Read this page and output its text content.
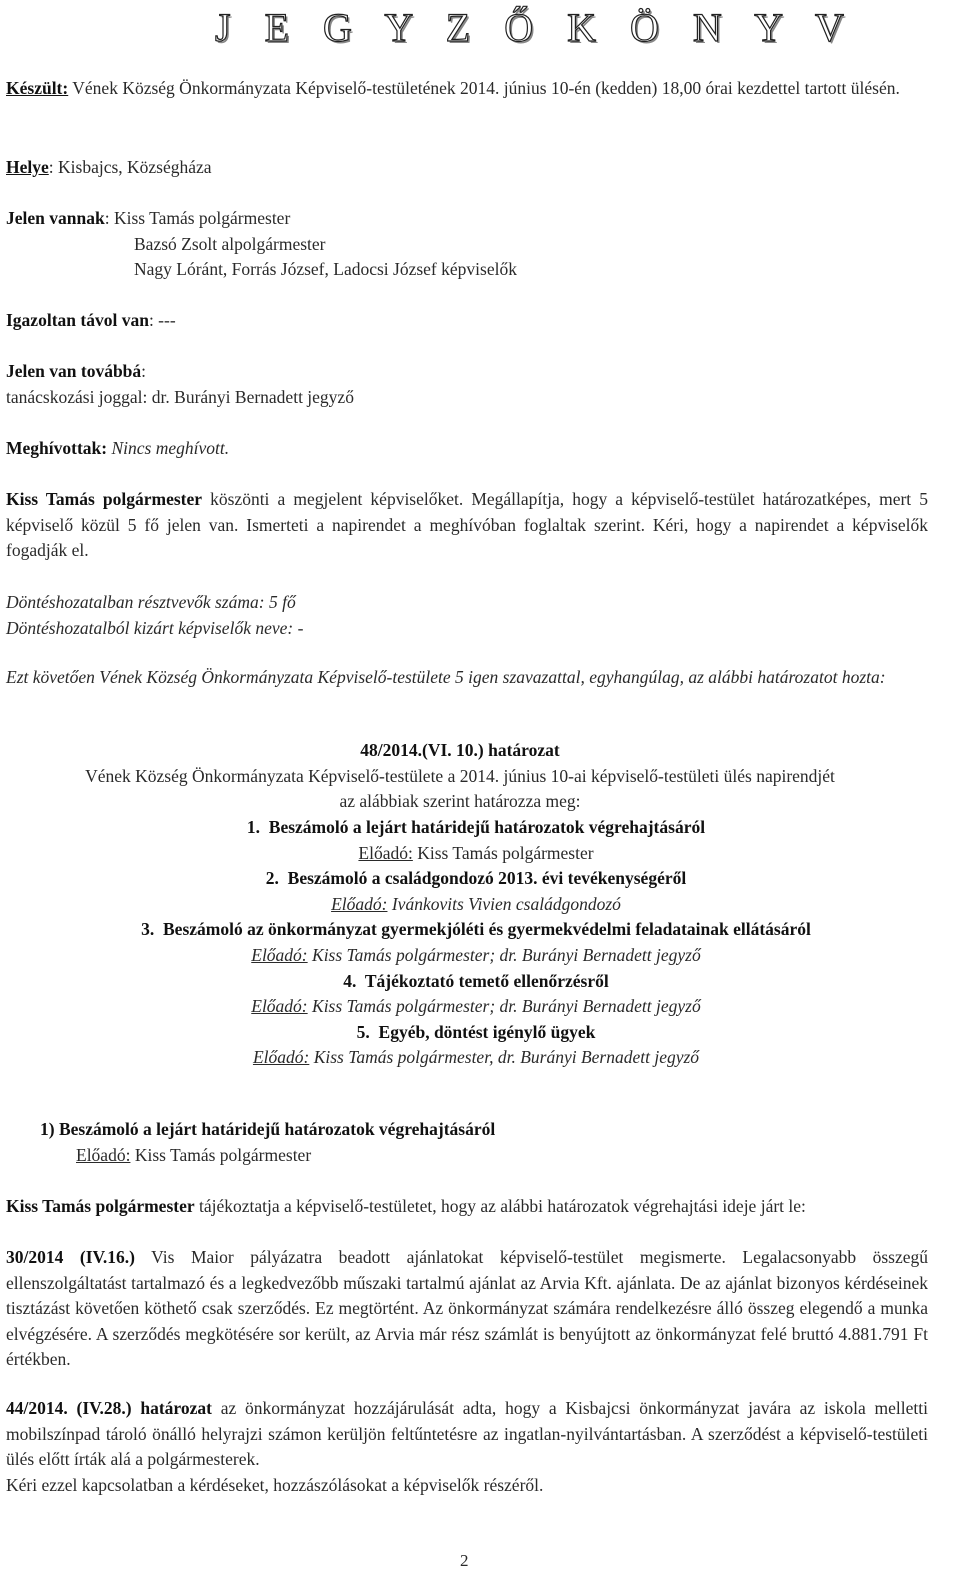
J E G Y Z Ő K Ö N Y V
Készült: Vének Község Önkormányzata Képviselő-testületének 2014. június 10-én (kedden) 18,00 órai kezdettel tartott ülésén.
Helye: Kisbajcs, Községháza
Jelen vannak: Kiss Tamás polgármester
Bazsó Zsolt alpolgármester
Nagy Lóránt, Forrás József, Ladocsi József képviselők
Igazoltan távol van: ---
Jelen van továbbá:
tanácskozási joggal: dr. Burányi Bernadett jegyző
Meghívottak: Nincs meghívott.
Kiss Tamás polgármester köszönti a megjelent képviselőket. Megállapítja, hogy a képviselő-testület határozatképes, mert 5 képviselő közül 5 fő jelen van. Ismerteti a napirendet a meghívóban foglaltak szerint. Kéri, hogy a napirendet a képviselők fogadják el.
Döntéshozatalban résztvevők száma: 5 fő
Döntéshozatalból kizárt képviselők neve: -
Ezt követően Vének Község Önkormányzata Képviselő-testülete 5 igen szavazattal, egyhangúlag, az alábbi határozatot hozta:
48/2014.(VI. 10.) határozat
Vének Község Önkormányzata Képviselő-testülete a 2014. június 10-ai képviselő-testületi ülés napirendjét
az alábbiak szerint határozza meg:
1. Beszámoló a lejárt határidejű határozatok végrehajtásáról
Előadó: Kiss Tamás polgármester
2. Beszámoló a családgondozó 2013. évi tevékenységéről
Előadó: Ivánkovits Vivien családgondozó
3. Beszámoló az önkormányzat gyermekjóléti és gyermekvédelmi feladatainak ellátásáról
Előadó: Kiss Tamás polgármester; dr. Burányi Bernadett jegyző
4. Tájékoztató temető ellenőrzésről
Előadó: Kiss Tamás polgármester; dr. Burányi Bernadett jegyző
5. Egyéb, döntést igénylő ügyek
Előadó: Kiss Tamás polgármester, dr. Burányi Bernadett jegyző
1) Beszámoló a lejárt határidejű határozatok végrehajtásáról
Előadó: Kiss Tamás polgármester
Kiss Tamás polgármester tájékoztatja a képviselő-testületet, hogy az alábbi határozatok végrehajtási ideje járt le:
30/2014 (IV.16.) Vis Maior pályázatra beadott ajánlatokat képviselő-testület megismerte. Legalacsonyabb összegű ellenszolgáltatást tartalmazó és a legkedvezőbb műszaki tartalmú ajánlat az Arvia Kft. ajánlata. De az ajánlat bizonyos kérdéseinek tisztázást követően köthető csak szerződés. Ez megtörtént. Az önkormányzat számára rendelkezésre álló összeg elegendő a munka elvégzésére. A szerződés megkötésére sor került, az Arvia már rész számlát is benyújtott az önkormányzat felé bruttó 4.881.791 Ft értékben.
44/2014. (IV.28.) határozat az önkormányzat hozzájárulását adta, hogy a Kisbajcsi önkormányzat javára az iskola melletti mobilszínpad tároló önálló helyrajzi számon kerüljön feltűntetésre az ingatlan-nyilvántartásban. A szerződést a képviselő-testületi ülés előtt írták alá a polgármesterek.
Kéri ezzel kapcsolatban a kérdéseket, hozzászólásokat a képviselők részéről.
2
